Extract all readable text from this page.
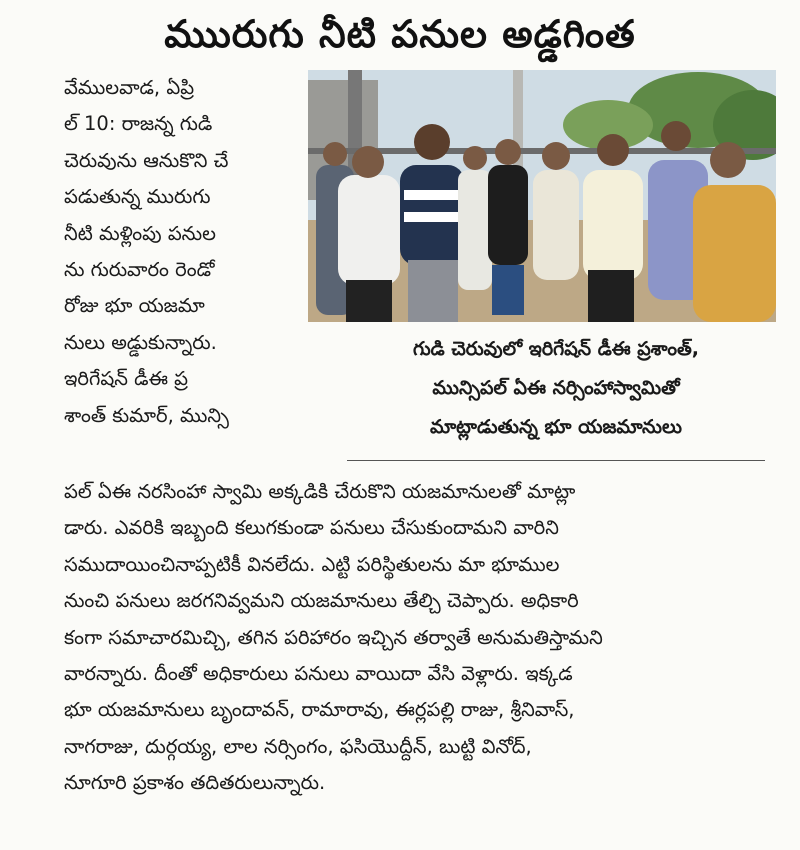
ముురుగు నీటి పనుల అడ్డగింత
వేములవాడ, ఏప్రి
ల్ 10: రాజన్న గుడి
చెరువును ఆనుకొని చే
పడుతున్న మురుగు
నీటి మళ్లింపు పనుల
ను గురువారం రెండో
రోజు భూ యజమా
నులు అడ్డుకున్నారు.
ఇరిగేషన్ డీఈ ప్ర
శాంత్ కుమార్, మున్సి
గుడి చెరువులో ఇరిగేషన్ డీఈ ప్రశాంత్,
మున్సిపల్ ఏఈ నర్సింహాస్వామితో
మాట్లాడుతున్న భూ యజమానులు
పల్ ఏఈ నరసింహా స్వామి అక్కడికి చేరుకొని యజమానులతో మాట్లా
డారు. ఎవరికి ఇబ్బంది కలుగకుండా పనులు చేసుకుందామని వారిని
సముదాయించినాప్పటికీ వినలేదు. ఎట్టి పరిస్థితులను మా భూముల
నుంచి పనులు జరగనివ్వమని యజమానులు తేల్చి చెప్పారు. అధికారి
కంగా సమాచారమిచ్చి, తగిన పరిహారం ఇచ్చిన తర్వాతే అనుమతిస్తామని
వారన్నారు. దీంతో అధికారులు పనులు వాయిదా వేసి వెళ్లారు. ఇక్కడ
భూ యజమానులు బృందావన్, రామారావు, ఈర్లపల్లి రాజు, శ్రీనివాస్,
నాగరాజు, దుర్గయ్య, లాల నర్సింగం, ఫసియొద్దీన్, బుట్టి వినోద్,
నూగూరి ప్రకాశం తదితరులున్నారు.
